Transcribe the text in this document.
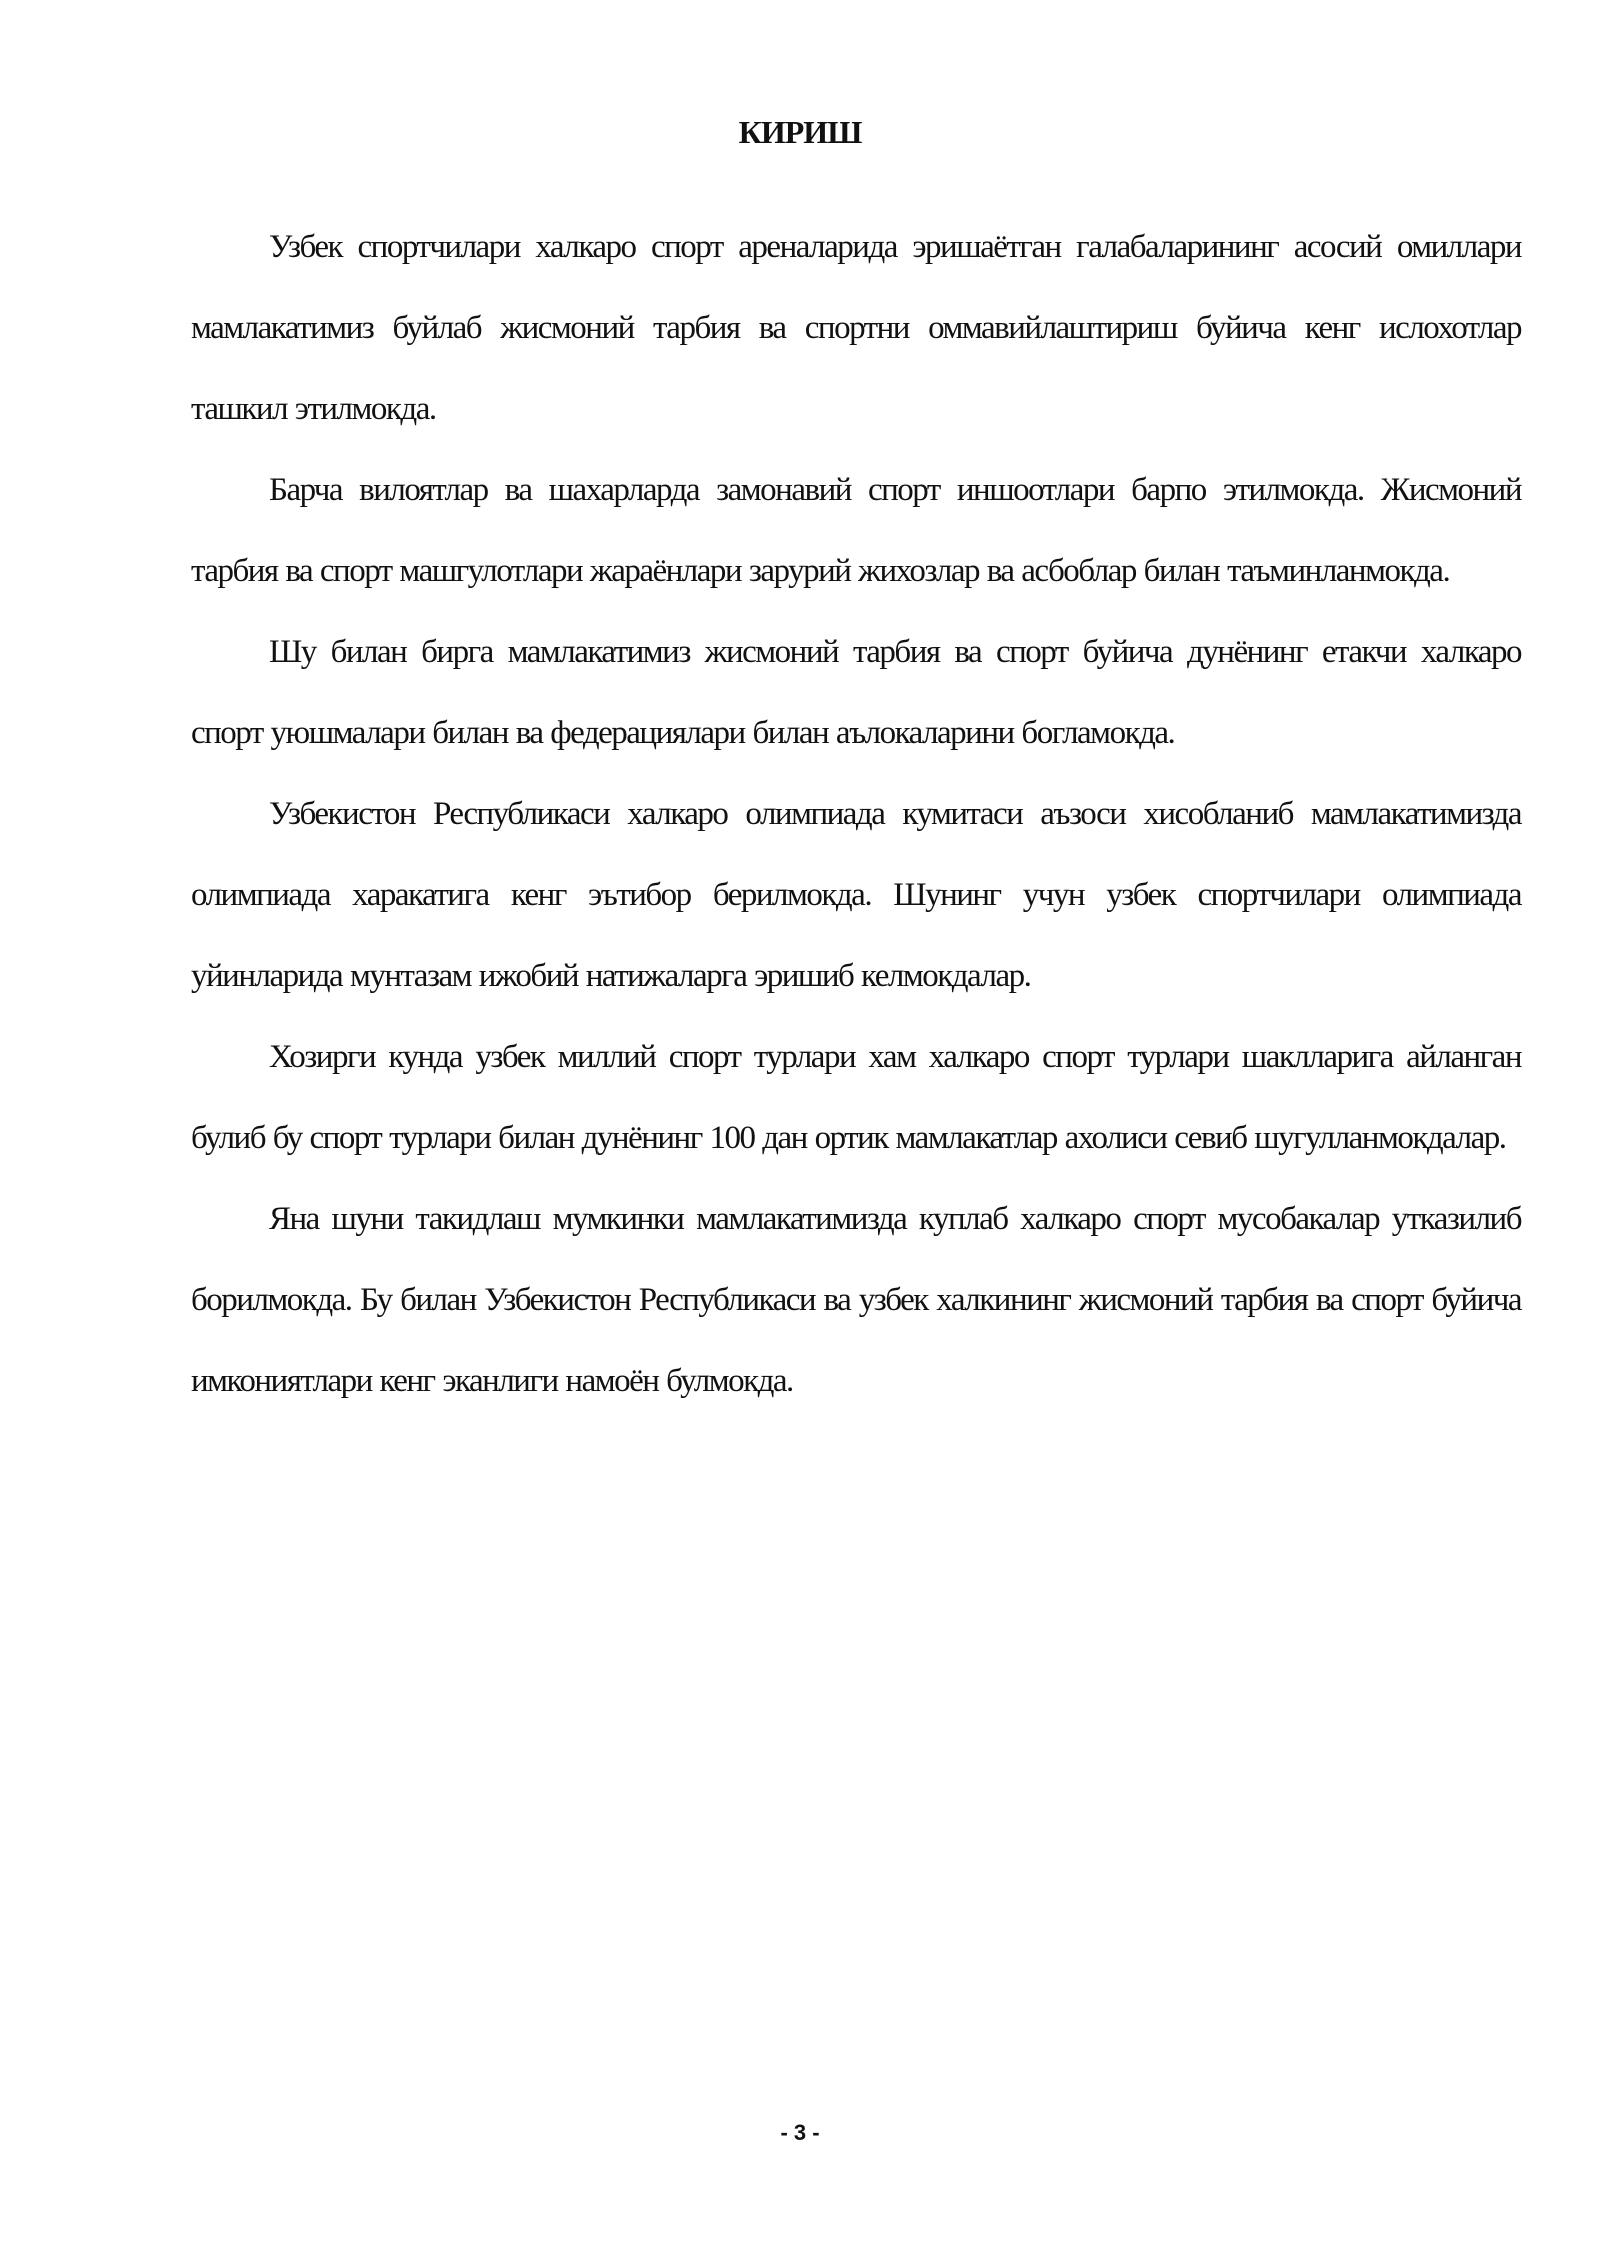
КИРИШ

Узбек спортчилари халкаро спорт ареналарида эришаётган галабаларининг асосий омиллари мамлакатимиз буйлаб жисмоний тарбия ва спортни оммавийлаштириш буйича кенг ислохотлар ташкил этилмокда.

Барча вилоятлар ва шахарларда замонавий спорт иншоотлари барпо этилмокда. Жисмоний тарбия ва спорт машгулотлари жараёнлари зарурий жихозлар ва асбоблар билан таъминланмокда.

Шу билан бирга мамлакатимиз жисмоний тарбия ва спорт буйича дунёнинг етакчи халкаро спорт уюшмалари билан ва федерациялари билан аълокаларини богламокда.

Узбекистон Республикаси халкаро олимпиада кумитаси аъзоси хисобланиб мамлакатимизда олимпиада харакатига кенг эътибор берилмокда. Шунинг учун узбек спортчилари олимпиада уйинларида мунтазам ижобий натижаларга эришиб келмокдалар.

Хозирги кунда узбек миллий спорт турлари хам халкаро спорт турлари шаклларига айланган булиб бу спорт турлари билан дунёнинг 100 дан ортик мамлакатлар ахолиси севиб шугулланмокдалар.

Яна шуни такидлаш мумкинки мамлакатимизда куплаб халкаро спорт мусобакалар утказилиб борилмокда. Бу билан Узбекистон Республикаси ва узбек халкининг жисмоний тарбия ва спорт буйича имкониятлари кенг эканлиги намоён булмокда.

- 3 -
